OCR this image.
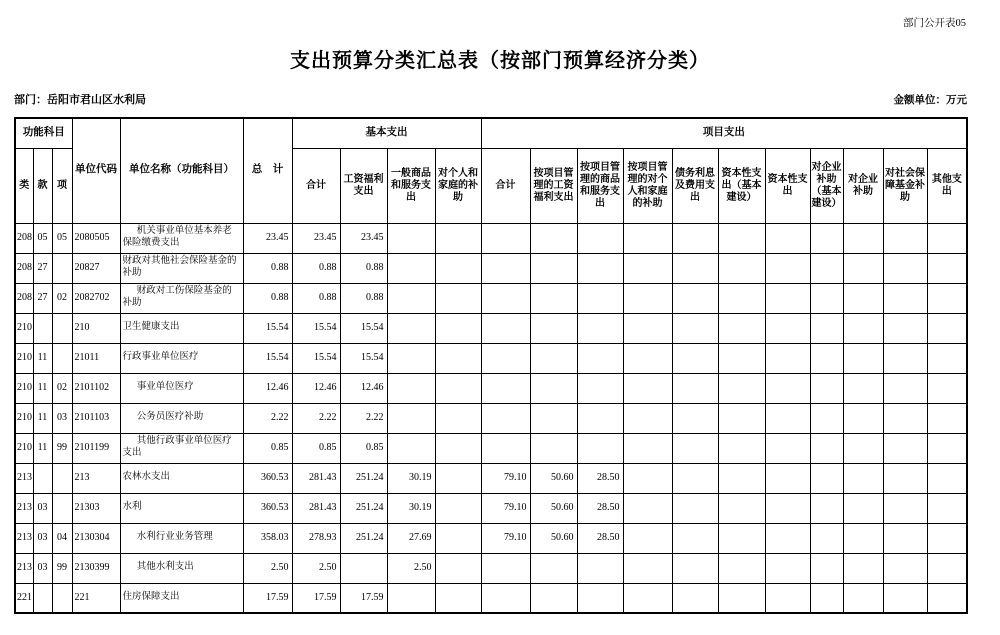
部门公开表05
支出预算分类汇总表（按部门预算经济分类）
部门：岳阳市君山区水利局	金额单位：万元
功能科目			单位代码	单位名称（功能科目）	总　计	基本支出				项目支出										
类	款	项				合计	工资福利支出	一般商品和服务支出	对个人和家庭的补助	合计	按项目管理的工资福利支出	按项目管理的商品和服务支出	按项目管理的对个人和家庭的补助	债务利息及费用支出	资本性支出（基本建设）	资本性支出	对企业补助（基本建设）	对企业补助	对社会保障基金补助	其他支出
208	05	05	2080505	机关事业单位基本养老保险缴费支出	23.45	23.45	23.45													
208	27		20827	财政对其他社会保险基金的补助	0.88	0.88	0.88													
208	27	02	2082702	财政对工伤保险基金的补助	0.88	0.88	0.88													
210			210	卫生健康支出	15.54	15.54	15.54													
210	11		21011	行政事业单位医疗	15.54	15.54	15.54													
210	11	02	2101102	事业单位医疗	12.46	12.46	12.46													
210	11	03	2101103	公务员医疗补助	2.22	2.22	2.22													
210	11	99	2101199	其他行政事业单位医疗支出	0.85	0.85	0.85													
213			213	农林水支出	360.53	281.43	251.24	30.19		79.10	50.60	28.50								
213	03		21303	水利	360.53	281.43	251.24	30.19		79.10	50.60	28.50								
213	03	04	2130304	水利行业业务管理	358.03	278.93	251.24	27.69		79.10	50.60	28.50								
213	03	99	2130399	其他水利支出	2.50	2.50		2.50												
221			221	住房保障支出	17.59	17.59	17.59													
